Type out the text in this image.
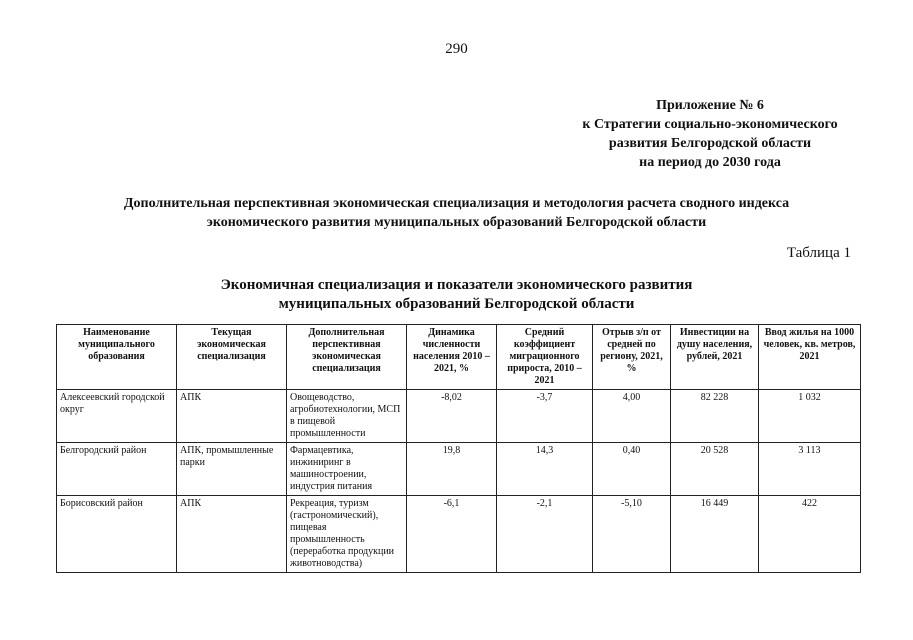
290
Приложение № 6
к Стратегии социально-экономического
развития Белгородской области
на период до 2030 года
Дополнительная перспективная экономическая специализация и методология расчета сводного индекса
экономического развития муниципальных образований Белгородской области
Таблица 1
Экономичная специализация и показатели экономического развития
муниципальных образований Белгородской области
Наименование муниципального образования	Текущая экономическая специализация	Дополнительная перспективная экономическая специализация	Динамика численности населения 2010 – 2021, %	Средний коэффициент миграционного прироста, 2010 – 2021	Отрыв з/п от средней по региону, 2021, %	Инвестиции на душу населения, рублей, 2021	Ввод жилья на 1000 человек, кв. метров, 2021
Алексеевский городской округ	АПК	Овощеводство, агробиотехнологии, МСП в пищевой промышленности	-8,02	-3,7	4,00	82 228	1 032
Белгородский район	АПК, промышленные парки	Фармацевтика, инжиниринг в машиностроении, индустрия питания	19,8	14,3	0,40	20 528	3 113
Борисовский район	АПК	Рекреация, туризм (гастрономический), пищевая промышленность (переработка продукции животноводства)	-6,1	-2,1	-5,10	16 449	422
